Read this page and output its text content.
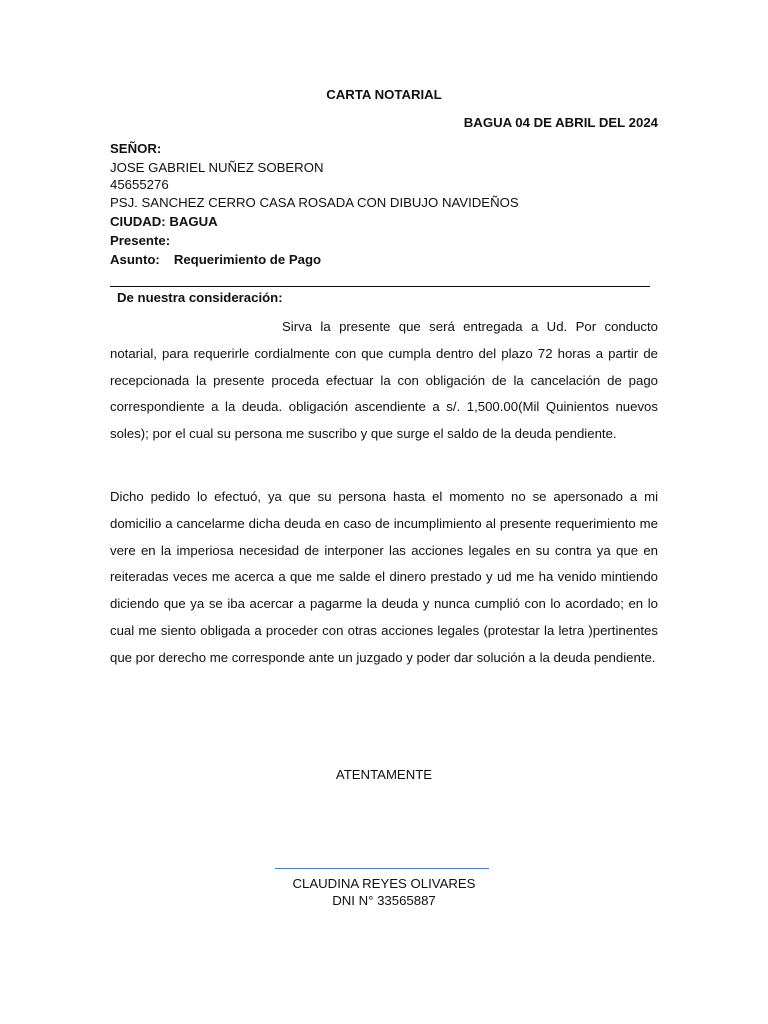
CARTA NOTARIAL
BAGUA 04 DE ABRIL DEL 2024
SEÑOR:
JOSE GABRIEL NUÑEZ SOBERON
45655276
PSJ. SANCHEZ CERRO CASA ROSADA CON DIBUJO NAVIDEÑOS
CIUDAD: BAGUA
Presente:
Asunto: Requerimiento de Pago
De nuestra consideración:

Sirva la presente que será entregada a Ud. Por conducto notarial, para requerirle cordialmente con que cumpla dentro del plazo 72 horas a partir de recepcionada la presente proceda efectuar la con obligación de la cancelación de pago correspondiente a la deuda. obligación ascendiente a s/. 1,500.00(Mil Quinientos nuevos soles); por el cual su persona me suscribo y que surge el saldo de la deuda pendiente.

Dicho pedido lo efectuó, ya que su persona hasta el momento no se apersonado a mi domicilio a cancelarme dicha deuda en caso de incumplimiento al presente requerimiento me vere en la imperiosa necesidad de interponer las acciones legales en su contra ya que en reiteradas veces me acerca a que me salde el dinero prestado y ud me ha venido mintiendo diciendo que ya se iba acercar a pagarme la deuda y nunca cumplió con lo acordado; en lo cual me siento obligada a proceder con otras acciones legales (protestar la letra )pertinentes que por derecho me corresponde ante un juzgado y poder dar solución a la deuda pendiente.

ATENTAMENTE
CLAUDINA REYES OLIVARES
DNI N° 33565887
